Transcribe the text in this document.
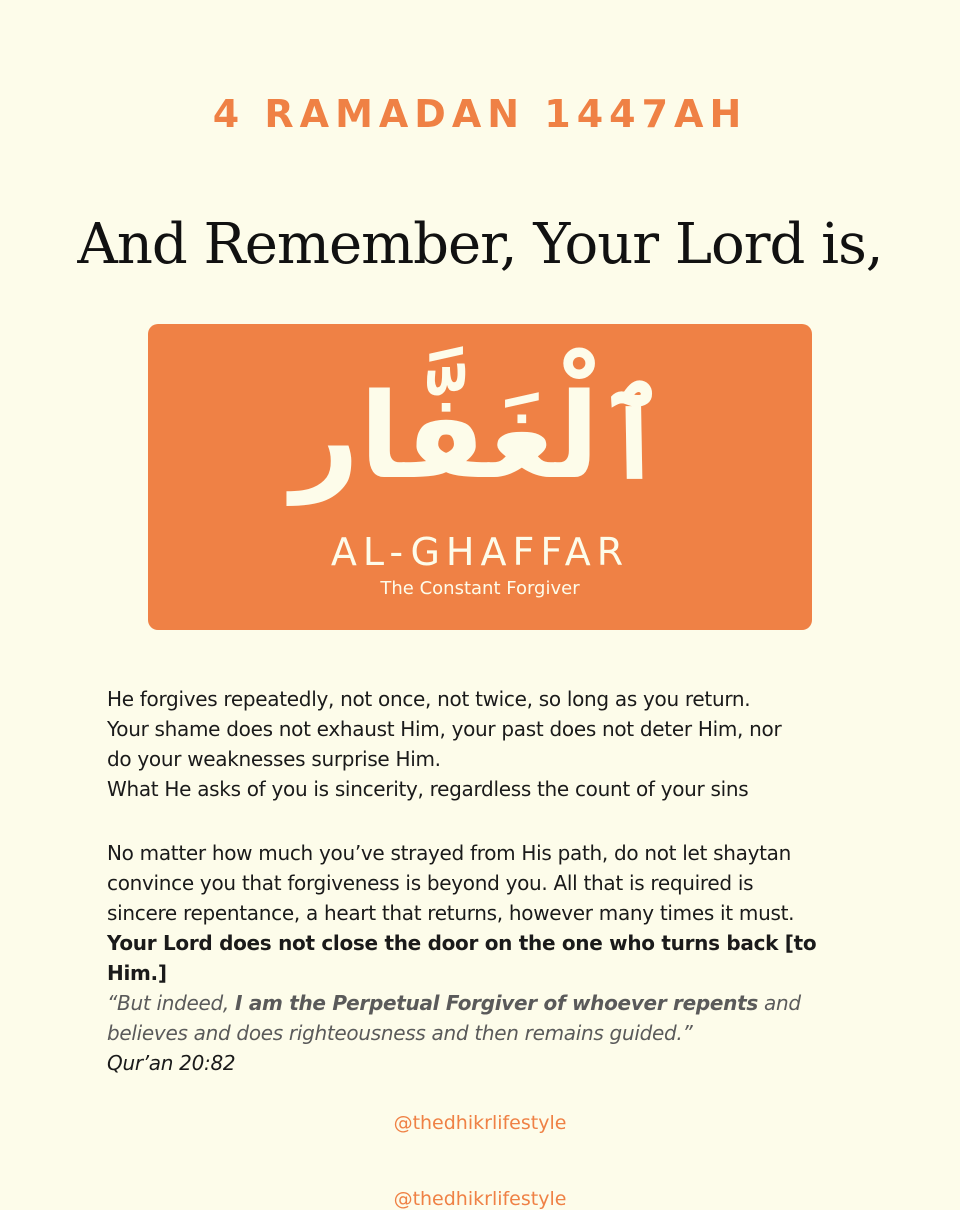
4 RAMADAN 1447AH
And Remember, Your Lord is,
ٱلْغَفَّار
AL-GHAFFAR
The Constant Forgiver

He forgives repeatedly, not once, not twice, so long as you return.

Your shame does not exhaust Him, your past does not deter Him, nor

do your weaknesses surprise Him.

What He asks of you is sincerity, regardless the count of your sins

No matter how much you’ve strayed from His path, do not let shaytan

convince you that forgiveness is beyond you. All that is required is

sincere repentance, a heart that returns, however many times it must.

Your Lord does not close the door on the one who turns back [to Him.]

“But indeed, I am the Perpetual Forgiver of whoever repents and
believes and does righteousness and then remains guided.”
Qur’an 20:82
@thedhikrlifestyle
@thedhikrlifestyle
